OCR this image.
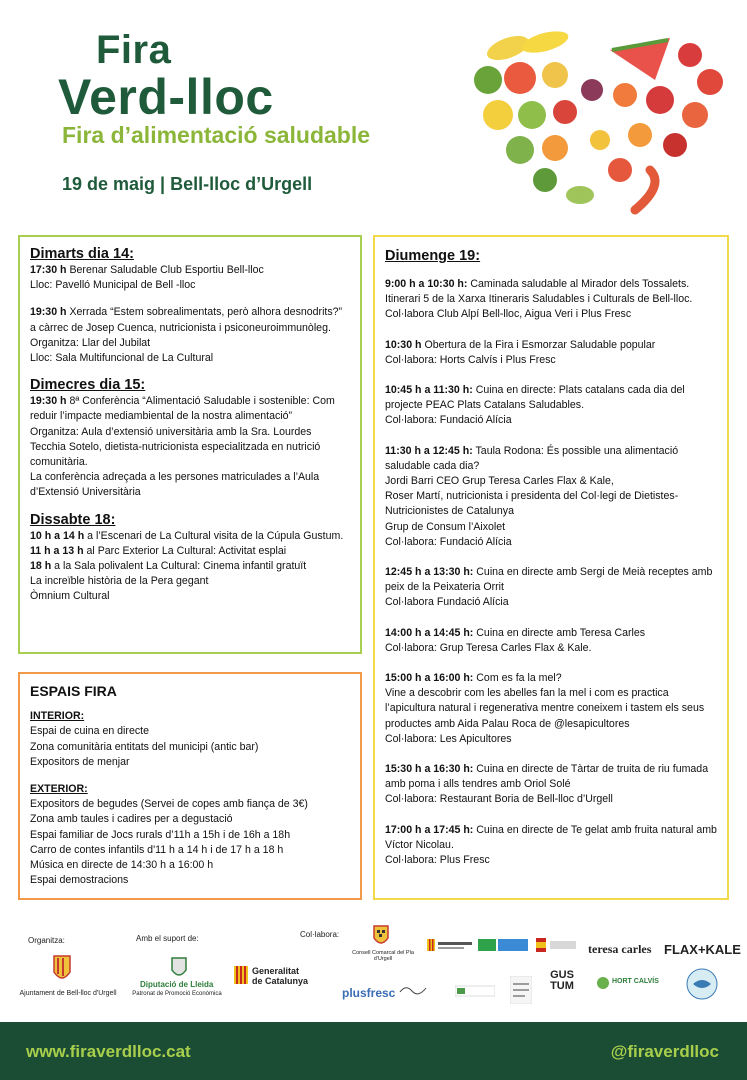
Fira
Verd-lloc
Fira d’alimentació saludable
19 de maig | Bell-lloc d’Urgell
Dimarts dia 14:
17:30 h Berenar Saludable Club Esportiu Bell-lloc
Lloc: Pavelló Municipal de Bell -lloc
19:30 h Xerrada “Estem sobrealimentats, però alhora desnodrits?” a càrrec de Josep Cuenca, nutricionista i psiconeuroimmunòleg.
Organitza: Llar del Jubilat
Lloc: Sala Multifuncional de La Cultural
Dimecres dia 15:
19:30 h 8ª Conferència “Alimentació Saludable i sostenible: Com reduir l’impacte mediambiental de la nostra alimentació”
Organitza: Aula d’extensió universitària amb la Sra. Lourdes Tecchia Sotelo, dietista-nutricionista especialitzada en nutrició comunitària.
La conferència adreçada a les persones matriculades a l’Aula d’Extensió Universitària
Dissabte 18:
10 h a 14 h a l’Escenari de La Cultural visita de la Cúpula Gustum.
11 h a 13 h al Parc Exterior La Cultural: Activitat esplai
18 h a la Sala polivalent La Cultural: Cinema infantil gratuït
La increïble història de la Pera gegant
Òmnium Cultural
ESPAIS FIRA
INTERIOR:
Espai de cuina en directe
Zona comunitària entitats del municipi (antic bar)
Expositors de menjar
EXTERIOR:
Expositors de begudes (Servei de copes amb fiança de 3€)
Zona amb taules i cadires per a degustació
Espai familiar de Jocs rurals d’11h a 15h i de 16h a 18h
Carro de contes infantils d'11 h a 14 h i de 17 h a 18 h
Música en directe de 14:30 h a 16:00 h
Espai demostracions
Diumenge 19:
9:00 h a 10:30 h: Caminada saludable al Mirador dels Tossalets. Itinerari 5 de la Xarxa Itineraris Saludables i Culturals de Bell-lloc.
Col·labora Club Alpí Bell-lloc, Aigua Veri i Plus Fresc
10:30 h Obertura de la Fira i Esmorzar Saludable popular
Col·labora: Horts Calvís i Plus Fresc
10:45 h a 11:30 h: Cuina en directe: Plats catalans cada dia del projecte PEAC Plats Catalans Saludables.
Col·labora: Fundació Alícia
11:30 h a 12:45 h: Taula Rodona: És possible una alimentació saludable cada dia?
Jordi Barri CEO Grup Teresa Carles Flax & Kale,
Roser Martí, nutricionista i presidenta del Col·legi de Dietistes-Nutricionistes de Catalunya
Grup de Consum l’Aixolet
Col·labora: Fundació Alícia
12:45 h a 13:30 h: Cuina en directe amb Sergi de Meià receptes amb peix de la Peixateria Orrit
Col·labora Fundació Alícia
14:00 h a 14:45 h: Cuina en directe amb Teresa Carles
Col·labora: Grup Teresa Carles Flax & Kale.
15:00 h a 16:00 h: Com es fa la mel?
Vine a descobrir com les abelles fan la mel i com es practica l’apicultura natural i regenerativa mentre coneixem i tastem els seus productes amb Aida Palau Roca de @lesapicultores
Col·labora: Les Apicultores
15:30 h a 16:30 h: Cuina en directe de Tàrtar de truita de riu fumada amb poma i alls tendres amb Oriol Solé
Col·labora: Restaurant Boria de Bell-lloc d’Urgell
17:00 h a 17:45 h: Cuina en directe de Te gelat amb fruita natural amb Víctor Nicolau.
Col·labora: Plus Fresc
Organitza:	Amb el suport de:	Col·labora:
Ajuntament de Bell-lloc d'Urgell
Diputació de Lleida
Patronat de Promoció Econòmica
Generalitat de Catalunya
Consell Comarcal del Pla d'Urgell
plusfresc
teresa carles FLAX+KALE
GUS TUM	HORT CALVÍS
www.firaverdlloc.cat	@firaverdlloc
